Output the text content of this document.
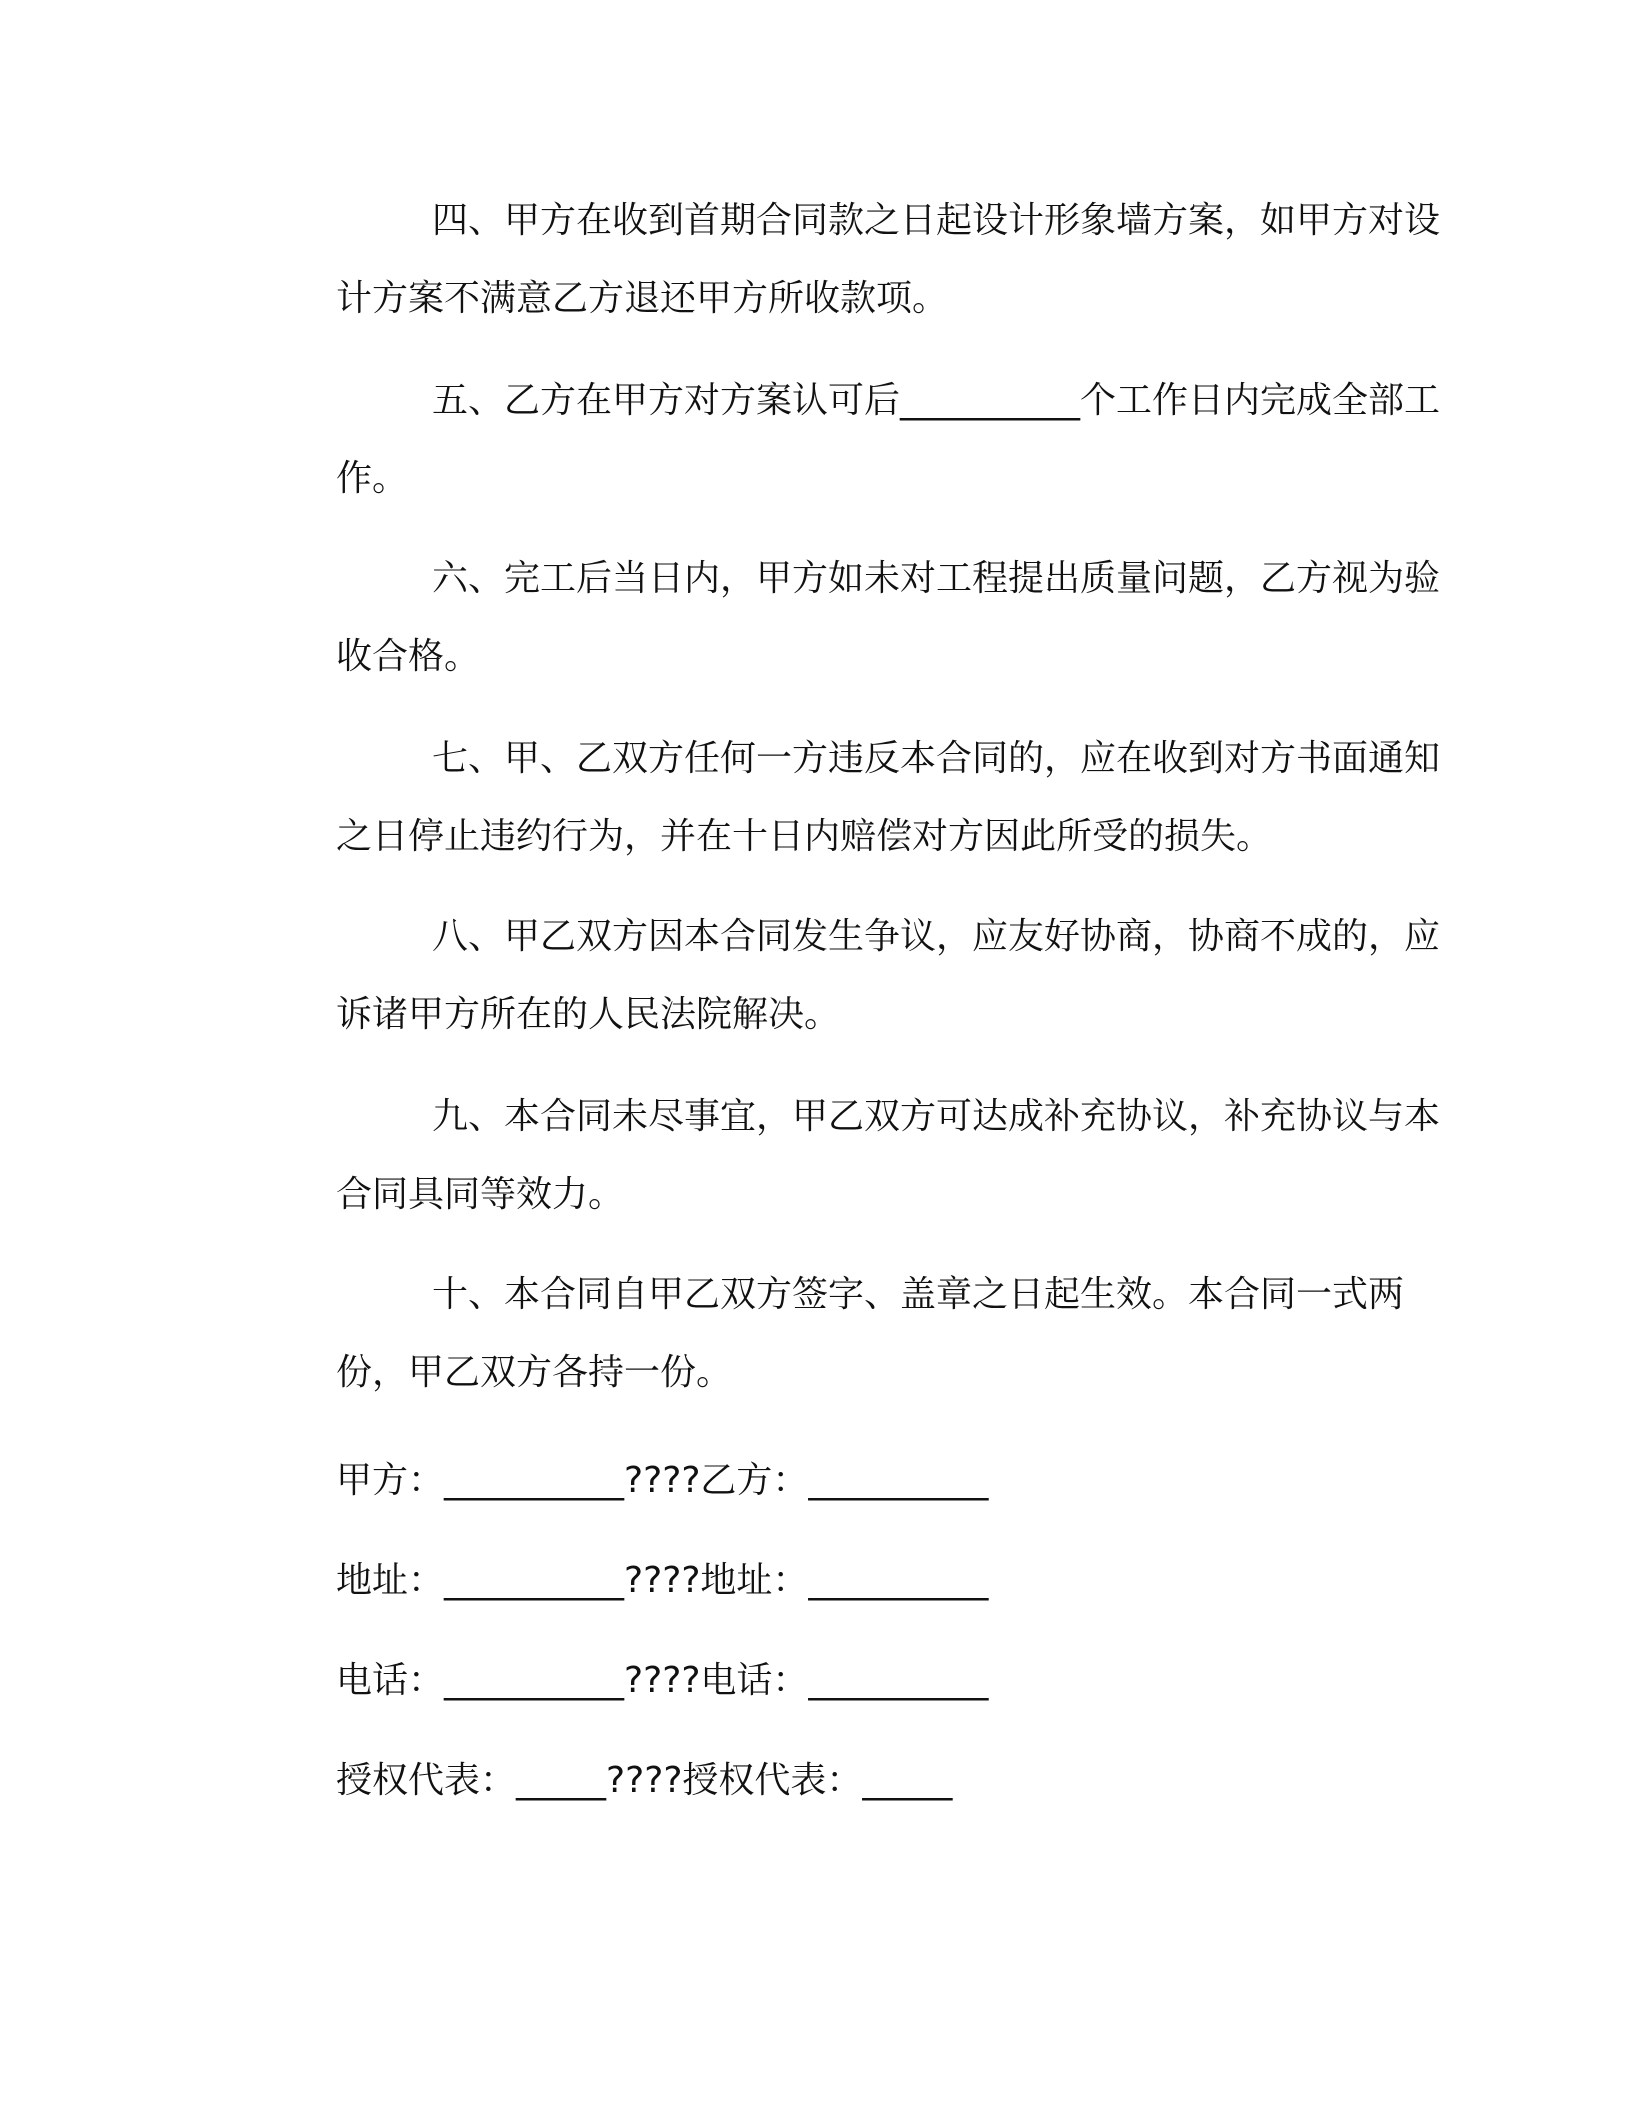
四、甲方在收到首期合同款之日起设计形象墙方案，如甲方对设
计方案不满意乙方退还甲方所收款项。

五、乙方在甲方对方案认可后__________个工作日内完成全部工
作。

六、完工后当日内，甲方如未对工程提出质量问题，乙方视为验
收合格。

七、甲、乙双方任何一方违反本合同的，应在收到对方书面通知
之日停止违约行为，并在十日内赔偿对方因此所受的损失。

八、甲乙双方因本合同发生争议，应友好协商，协商不成的，应
诉诸甲方所在的人民法院解决。

九、本合同未尽事宜，甲乙双方可达成补充协议，补充协议与本
合同具同等效力。

十、本合同自甲乙双方签字、盖章之日起生效。本合同一式两
份，甲乙双方各持一份。

甲方：__________????乙方：__________
地址：__________????地址：__________
电话：__________????电话：__________
授权代表：_____????授权代表：_____
